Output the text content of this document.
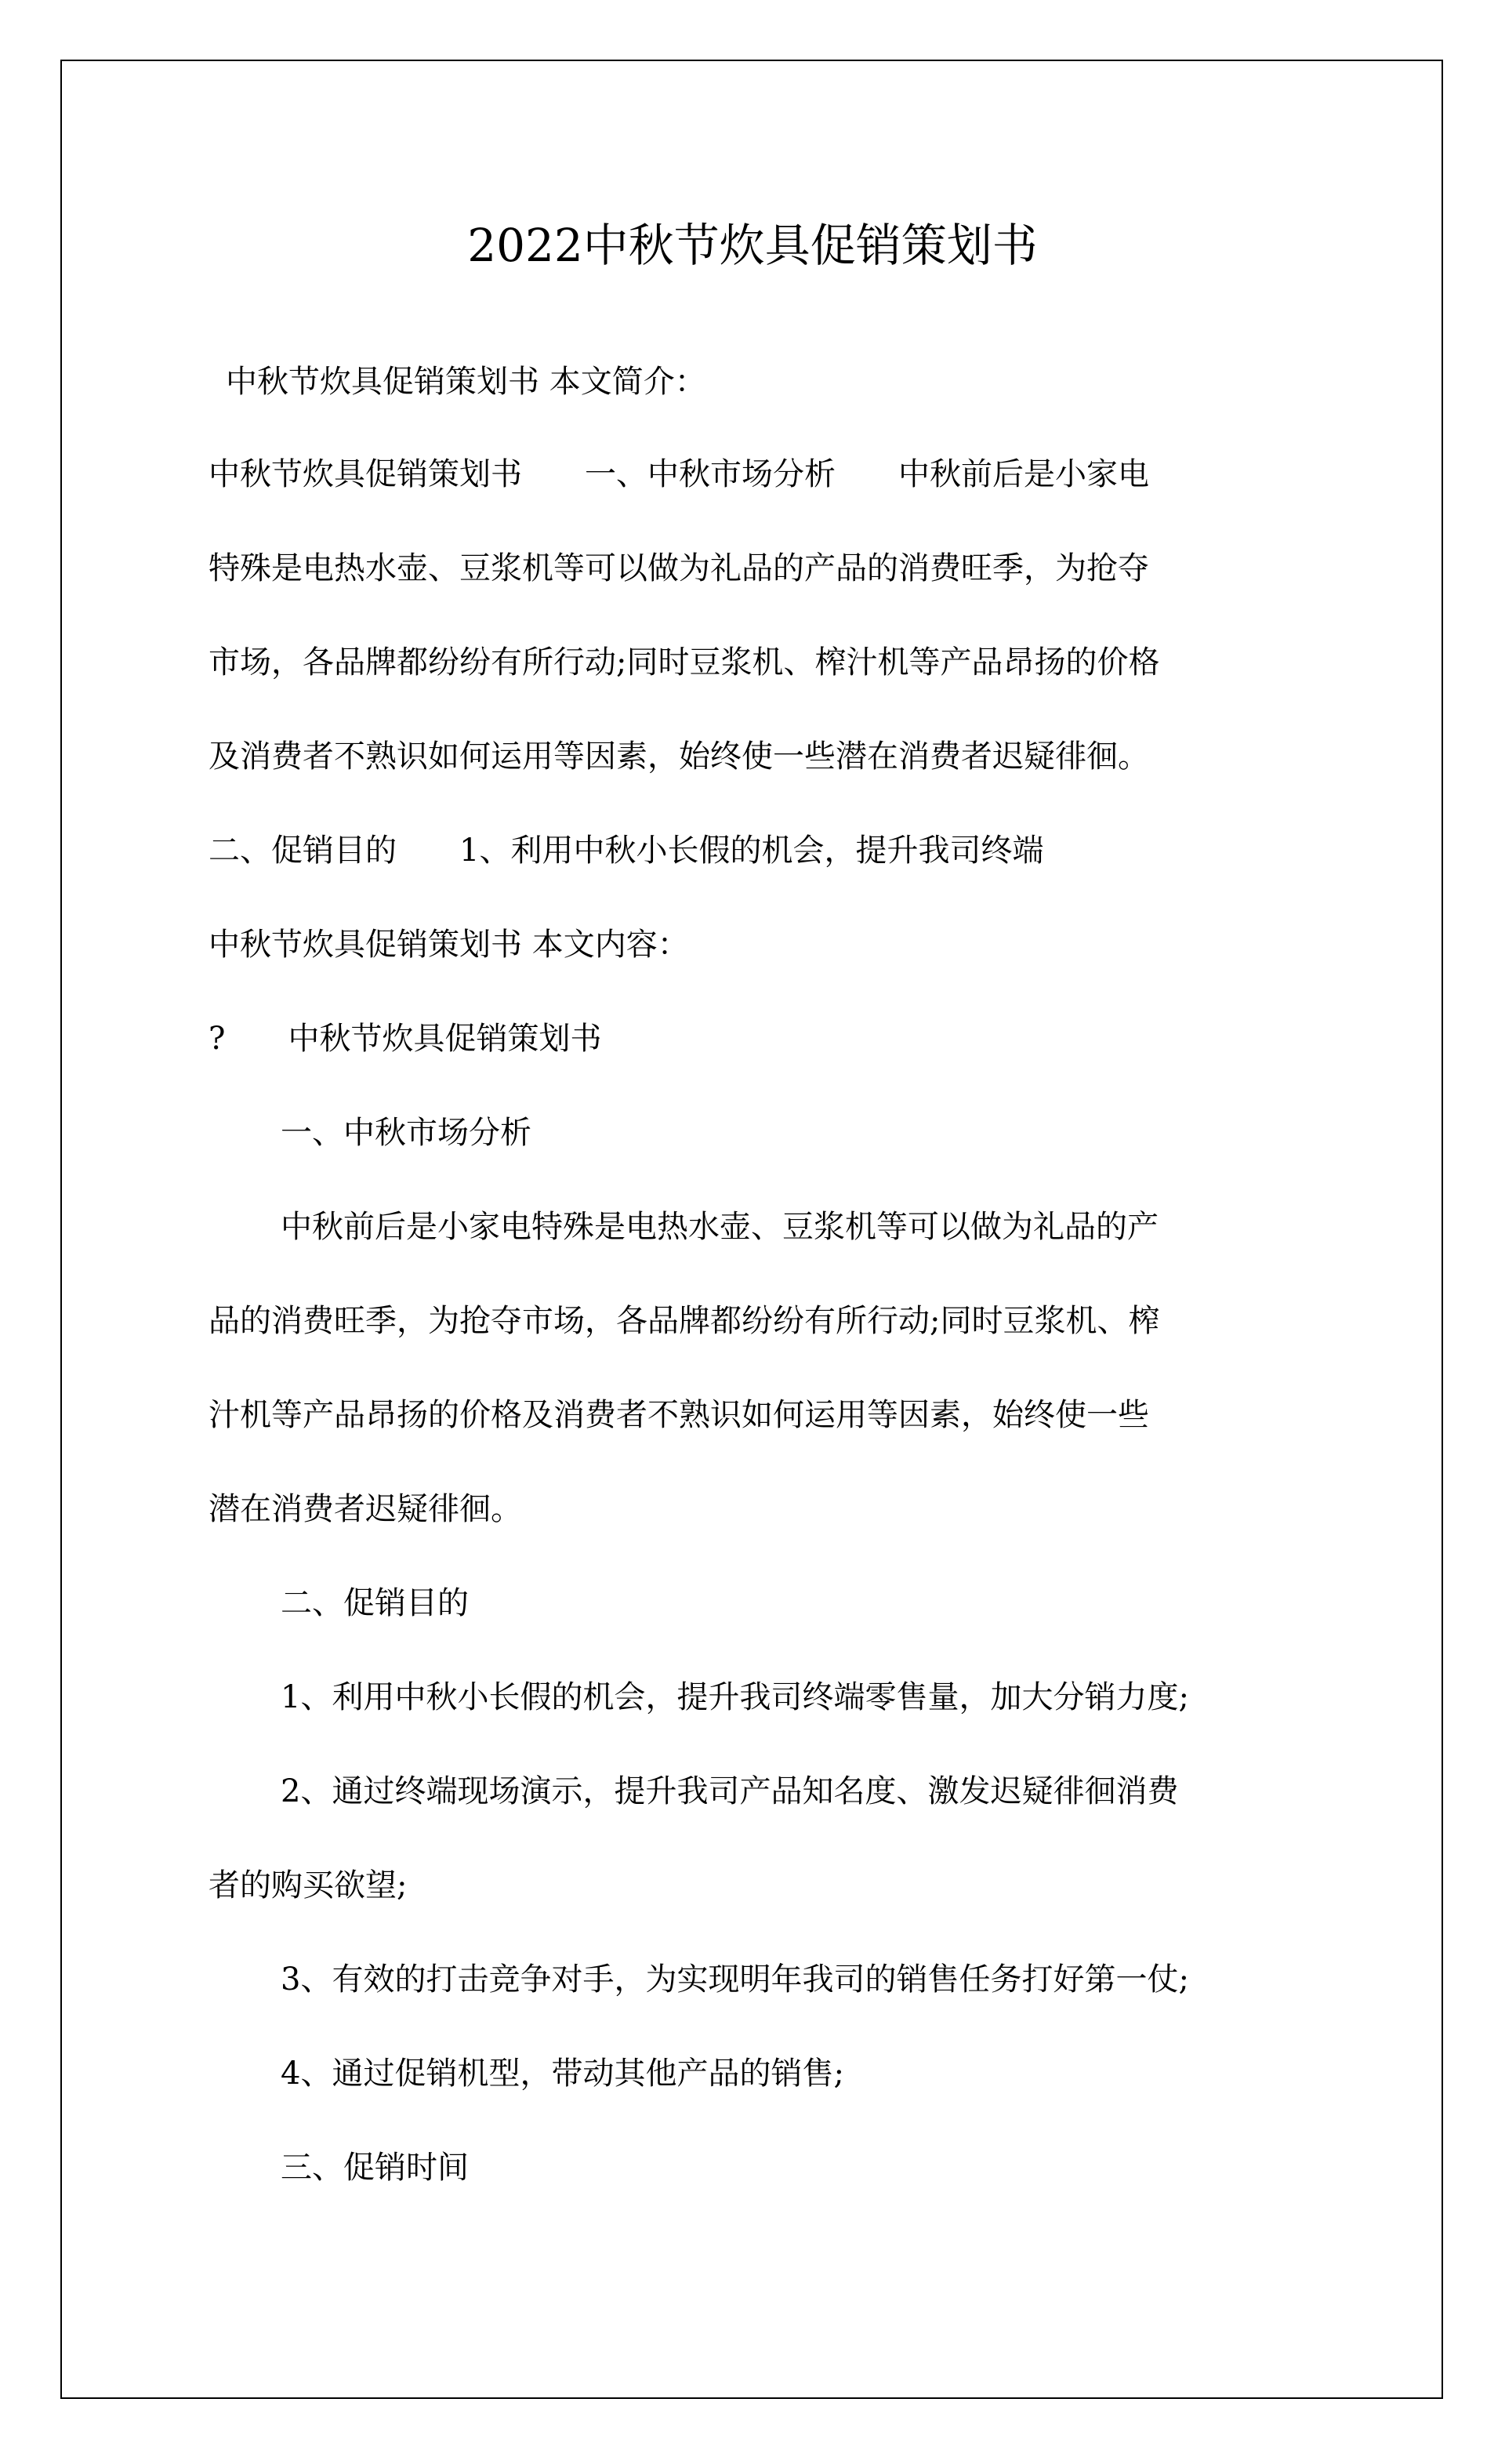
2022中秋节炊具促销策划书
中秋节炊具促销策划书 本文简介：
中秋节炊具促销策划书　　一、中秋市场分析　　中秋前后是小家电
特殊是电热水壶、豆浆机等可以做为礼品的产品的消费旺季，为抢夺
市场，各品牌都纷纷有所行动;同时豆浆机、榨汁机等产品昂扬的价格
及消费者不熟识如何运用等因素，始终使一些潜在消费者迟疑徘徊。
二、促销目的　　1、利用中秋小长假的机会，提升我司终端
中秋节炊具促销策划书 本文内容：
?　　中秋节炊具促销策划书
一、中秋市场分析
中秋前后是小家电特殊是电热水壶、豆浆机等可以做为礼品的产
品的消费旺季，为抢夺市场，各品牌都纷纷有所行动;同时豆浆机、榨
汁机等产品昂扬的价格及消费者不熟识如何运用等因素，始终使一些
潜在消费者迟疑徘徊。
二、促销目的
1、利用中秋小长假的机会，提升我司终端零售量，加大分销力度;
2、通过终端现场演示，提升我司产品知名度、激发迟疑徘徊消费
者的购买欲望;
3、有效的打击竞争对手，为实现明年我司的销售任务打好第一仗;
4、通过促销机型，带动其他产品的销售;
三、促销时间
